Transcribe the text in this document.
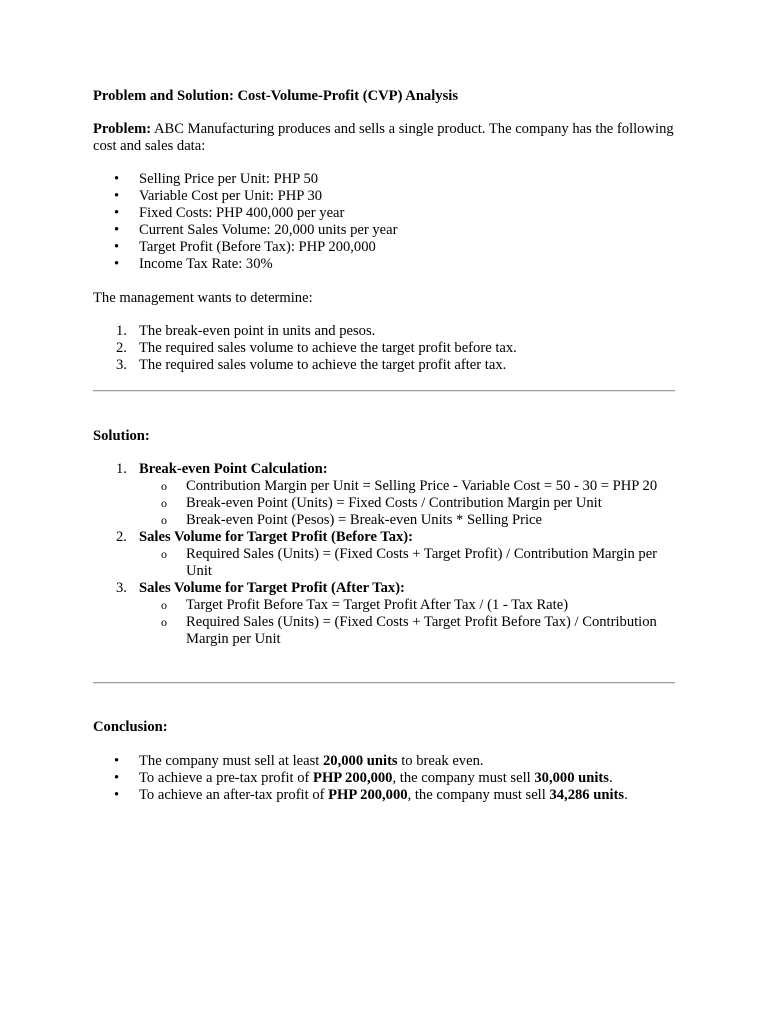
Problem and Solution: Cost-Volume-Profit (CVP) Analysis

Problem: ABC Manufacturing produces and sells a single product. The company has the following cost and sales data:

• Selling Price per Unit: PHP 50
• Variable Cost per Unit: PHP 30
• Fixed Costs: PHP 400,000 per year
• Current Sales Volume: 20,000 units per year
• Target Profit (Before Tax): PHP 200,000
• Income Tax Rate: 30%

The management wants to determine:

1. The break-even point in units and pesos.
2. The required sales volume to achieve the target profit before tax.
3. The required sales volume to achieve the target profit after tax.

Solution:

1. Break-even Point Calculation:
o Contribution Margin per Unit = Selling Price - Variable Cost = 50 - 30 = PHP 20
o Break-even Point (Units) = Fixed Costs / Contribution Margin per Unit
o Break-even Point (Pesos) = Break-even Units * Selling Price
2. Sales Volume for Target Profit (Before Tax):
o Required Sales (Units) = (Fixed Costs + Target Profit) / Contribution Margin per Unit
3. Sales Volume for Target Profit (After Tax):
o Target Profit Before Tax = Target Profit After Tax / (1 - Tax Rate)
o Required Sales (Units) = (Fixed Costs + Target Profit Before Tax) / Contribution Margin per Unit

Conclusion:

• The company must sell at least 20,000 units to break even.
• To achieve a pre-tax profit of PHP 200,000, the company must sell 30,000 units.
• To achieve an after-tax profit of PHP 200,000, the company must sell 34,286 units.
